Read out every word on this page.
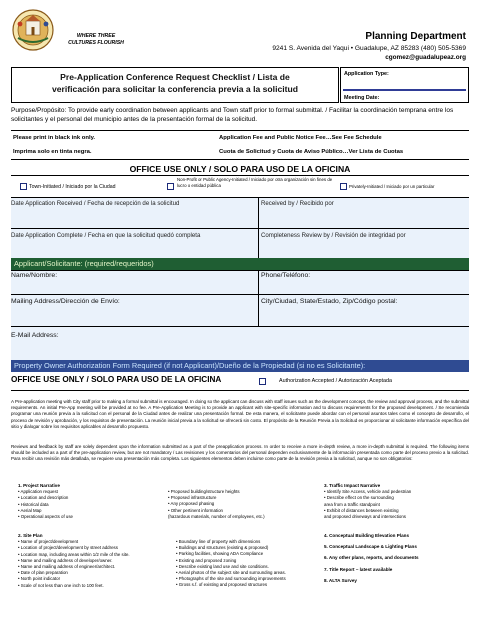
WHERE THREE
CULTURES FLOURISH
Planning Department
9241 S. Avenida del Yaqui • Guadalupe, AZ 85283 (480) 505-5369
cgomez@guadalupeaz.org
Pre-Application Conference Request Checklist / Lista de
verificación para solicitar la conferencia previa a la solicitud
Application Type:
Meeting Date:
Purpose/Propósito: To provide early coordination between applicants and Town staff prior to formal submittal. / Facilitar la coordinación temprana entre los solicitantes y el personal del municipio antes de la presentación formal de la solicitud.
Please print in black ink only.
Imprima solo en tinta negra.
Application Fee and Public Notice Fee…See Fee Schedule
Cuota de Solicitud y Cuota de Aviso Público…Ver Lista de Cuotas
OFFICE USE ONLY / SOLO PARA USO DE LA OFICINA
Town-Initiated / Iniciado por la Ciudad
Non-Profit or Public Agency-Initiated / Iniciado por otra organización sin fines de lucro o entidad pública	Privately-Initiated / Iniciado por un particular
Date Application Received / Fecha de recepción de la solicitud	Received by / Recibido por
Date Application Complete / Fecha en que la solicitud quedó completa	Completeness Review by / Revisión de integridad por
Applicant/Solicitante: (required/requeridos)
Name/Nombre:	Phone/Teléfono:
Mailing Address/Dirección de Envío:	City/Ciudad, State/Estado, Zip/Código postal:
E-Mail Address:
Property Owner Authorization Form Required (if not Applicant)/Dueño de la Propiedad (si no es Solicitante):
OFFICE USE ONLY / SOLO PARA USO DE LA OFICINA	Authorization Accepted / Autorización Aceptada
A Pre-application meeting with City staff prior to making a formal submittal is encouraged. In doing so the applicant can discuss with staff issues such as the development concept, the review and approval process, and the submittal requirements. An initial Pre-App meeting will be provided at no fee. A Pre-Application Meeting is to provide an applicant with site-specific information and to discuss requirements for the proposed development. / Se recomienda programar una reunión previa a la solicitud con el personal de la Ciudad antes de realizar una presentación formal. De esta manera, el solicitante puede abordar con el personal asuntos tales como el concepto de desarrollo, el proceso de revisión y aprobación, y los requisitos de presentación. La reunión inicial previa a la solicitud se ofrecerá sin costo. El propósito de la Reunión Previa a la Solicitud es proporcionar al solicitante información específica del sitio y dialogar sobre los requisitos aplicables al desarrollo propuesto.
Reviews and feedback by staff are solely dependent upon the information submitted as a part of the preapplication process. In order to receive a more in-depth review, a more in-depth submittal is required. The following items should be included as a part of the pre-application review, but are not mandatory / Las revisiones y los comentarios del personal dependen exclusivamente de la información presentada como parte del proceso previo a la solicitud. Para recibir una revisión más detallada, se requiere una presentación más completa. Los siguientes elementos deben incluirse como parte de la revisión previa a la solicitud, aunque no son obligatorios:
1. Project Narrative
• Application request
• Location and description
• Historical data
• Aerial Map
• Operational aspects of use
• Proposed building/structure heights
• Proposed infrastructure
• Any proposed phasing
• Other pertinent information
(hazardous materials, number of employees, etc.)
3. Traffic Impact Narrative
• Identify Site Access, vehicle and pedestrian
• Describe effect on the surrounding
area from a traffic standpoint
• Exhibit of distances between existing
and proposed driveways and intersections
2. Site Plan
• Name of project/development
• Location of project/development by street address
• Location map, including areas within 1/2 mile of the site.
• Name and mailing address of developer/owner.
• Name and mailing address of engineer/architect.
• Date of plan preparation
• North point indicator
• Scale of not less than one inch to 100 feet.
• Boundary line of property with dimensions
• Buildings and structures (existing & proposed)
• Parking facilities, showing ADA Compliance
• Existing and proposed zoning
• Describe existing land use and site conditions.
• Aerial photos of the subject site and surrounding areas.
• Photographs of the site and surrounding improvements
• Gross s.f. of existing and proposed structures
4. Conceptual Building Elevation Plans
5. Conceptual Landscape & Lighting Plans
6. Any other plans, reports, and documents
7. Title Report – latest available
8. ALTA Survey
